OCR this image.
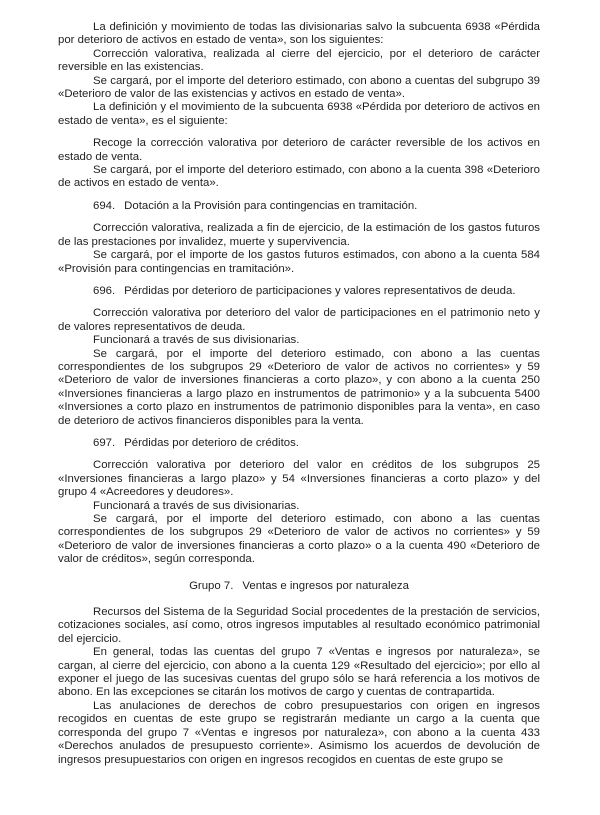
La definición y movimiento de todas las divisionarias salvo la subcuenta 6938 «Pérdida por deterioro de activos en estado de venta», son los siguientes:

Corrección valorativa, realizada al cierre del ejercicio, por el deterioro de carácter reversible en las existencias.

Se cargará, por el importe del deterioro estimado, con abono a cuentas del subgrupo 39 «Deterioro de valor de las existencias y activos en estado de venta».

La definición y el movimiento de la subcuenta 6938 «Pérdida por deterioro de activos en estado de venta», es el siguiente:

Recoge la corrección valorativa por deterioro de carácter reversible de los activos en estado de venta.

Se cargará, por el importe del deterioro estimado, con abono a la cuenta 398 «Deterioro de activos en estado de venta».

694. Dotación a la Provisión para contingencias en tramitación.

Corrección valorativa, realizada a fin de ejercicio, de la estimación de los gastos futuros de las prestaciones por invalidez, muerte y supervivencia.

Se cargará, por el importe de los gastos futuros estimados, con abono a la cuenta 584 «Provisión para contingencias en tramitación».

696. Pérdidas por deterioro de participaciones y valores representativos de deuda.

Corrección valorativa por deterioro del valor de participaciones en el patrimonio neto y de valores representativos de deuda.

Funcionará a través de sus divisionarias.

Se cargará, por el importe del deterioro estimado, con abono a las cuentas correspondientes de los subgrupos 29 «Deterioro de valor de activos no corrientes» y 59 «Deterioro de valor de inversiones financieras a corto plazo», y con abono a la cuenta 250 «Inversiones financieras a largo plazo en instrumentos de patrimonio» y a la subcuenta 5400 «Inversiones a corto plazo en instrumentos de patrimonio disponibles para la venta», en caso de deterioro de activos financieros disponibles para la venta.

697. Pérdidas por deterioro de créditos.

Corrección valorativa por deterioro del valor en créditos de los subgrupos 25 «Inversiones financieras a largo plazo» y 54 «Inversiones financieras a corto plazo» y del grupo 4 «Acreedores y deudores».

Funcionará a través de sus divisionarias.

Se cargará, por el importe del deterioro estimado, con abono a las cuentas correspondientes de los subgrupos 29 «Deterioro de valor de activos no corrientes» y 59 «Deterioro de valor de inversiones financieras a corto plazo» o a la cuenta 490 «Deterioro de valor de créditos», según corresponda.

Grupo 7. Ventas e ingresos por naturaleza

Recursos del Sistema de la Seguridad Social procedentes de la prestación de servicios, cotizaciones sociales, así como, otros ingresos imputables al resultado económico patrimonial del ejercicio.

En general, todas las cuentas del grupo 7 «Ventas e ingresos por naturaleza», se cargan, al cierre del ejercicio, con abono a la cuenta 129 «Resultado del ejercicio»; por ello al exponer el juego de las sucesivas cuentas del grupo sólo se hará referencia a los motivos de abono. En las excepciones se citarán los motivos de cargo y cuentas de contrapartida.

Las anulaciones de derechos de cobro presupuestarios con origen en ingresos recogidos en cuentas de este grupo se registrarán mediante un cargo a la cuenta que corresponda del grupo 7 «Ventas e ingresos por naturaleza», con abono a la cuenta 433 «Derechos anulados de presupuesto corriente». Asimismo los acuerdos de devolución de ingresos presupuestarios con origen en ingresos recogidos en cuentas de este grupo se
